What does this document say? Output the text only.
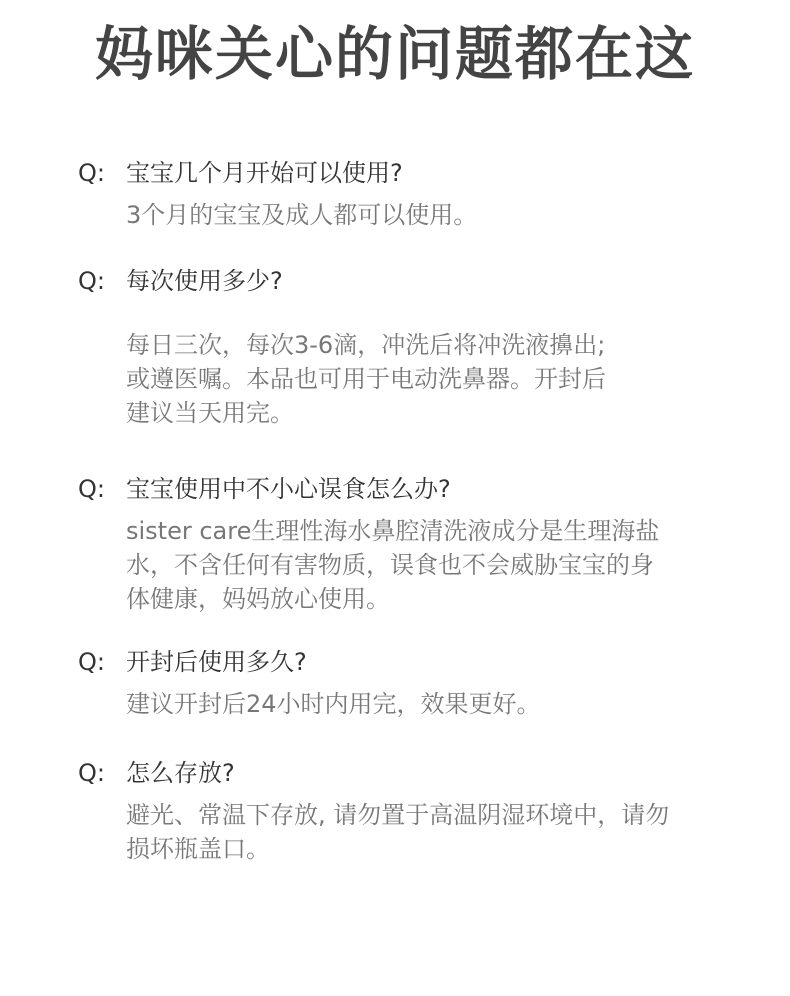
妈咪关心的问题都在这
Q: 宝宝几个月开始可以使用?
3个月的宝宝及成人都可以使用。
Q: 每次使用多少?
每日三次，每次3-6滴，冲洗后将冲洗液擤出;
或遵医嘱。本品也可用于电动洗鼻器。开封后
建议当天用完。
Q: 宝宝使用中不小心误食怎么办?
sister care生理性海水鼻腔清洗液成分是生理海盐
水，不含任何有害物质，误食也不会威胁宝宝的身
体健康，妈妈放心使用。
Q: 开封后使用多久?
建议开封后24小时内用完，效果更好。
Q: 怎么存放?
避光、常温下存放, 请勿置于高温阴湿环境中，请勿
损坏瓶盖口。
